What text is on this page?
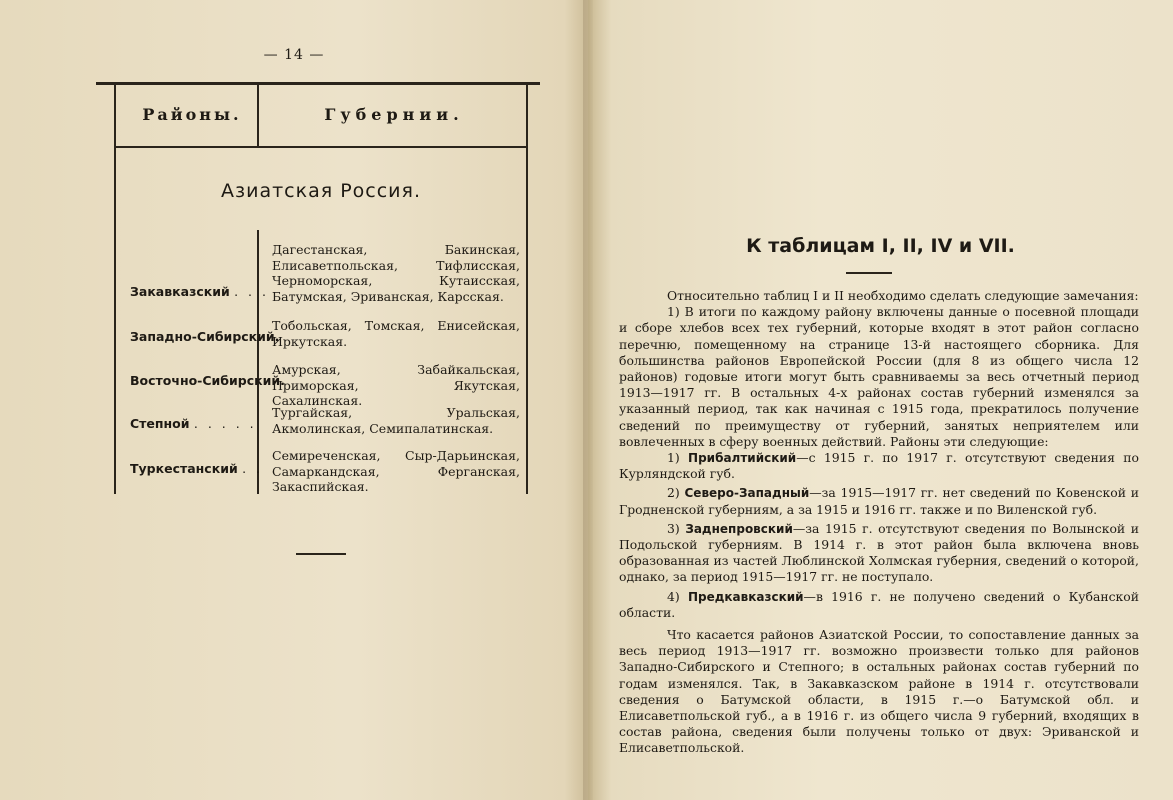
— 14 —
Районы.	Губернии.
Азиатская Россия.
Дагестанская, Бакинская, Елисаветпольская, Тифлисская, Черноморская, Кутаисская, Батумская, Эриванская, Карсская.
Закавказский . . .
Тобольская, Томская, Енисейская, Иркутская.
Западно-Сибирский.
Амурская, Забайкальская, Приморская, Якутская, Сахалинская.
Восточно-Сибирский.
Тургайская, Уральская, Акмолинская, Семипалатинская.
Степной . . . . .
Семиреченская, Сыр-Дарьинская, Самаркандская, Ферганская, Закаспийская.
Туркестанский . .
К таблицам I, II, IV и VII.

Относительно таблиц I и II необходимо сделать следующие замечания:

1) В итоги по каждому району включены данные о посевной площади и сборе хлебов всех тех губерний, которые входят в этот район согласно перечню, помещенному на странице 13-й настоящего сборника. Для большинства районов Европейской России (для 8 из общего числа 12 районов) годовые итоги могут быть сравниваемы за весь отчетный период 1913—1917 гг. В остальных 4-х районах состав губерний изменялся за указанный период, так как начиная с 1915 года, прекратилось получение сведений по преимуществу от губерний, занятых неприятелем или вовлеченных в сферу военных действий. Районы эти следующие:

1) Прибалтийский—с 1915 г. по 1917 г. отсутствуют сведения по Курляндской губ.

2) Северо-Западный—за 1915—1917 гг. нет сведений по Ковенской и Гродненской губерниям, а за 1915 и 1916 гг. также и по Виленской губ.

3) Заднепровский—за 1915 г. отсутствуют сведения по Волынской и Подольской губерниям. В 1914 г. в этот район была включена вновь образованная из частей Люблинской Холмская губерния, сведений о которой, однако, за период 1915—1917 гг. не поступало.

4) Предкавказский—в 1916 г. не получено сведений о Кубанской области.

Что касается районов Азиатской России, то сопоставление данных за весь период 1913—1917 гг. возможно произвести только для районов Западно-Сибирского и Степного; в остальных районах состав губерний по годам изменялся. Так, в Закавказском районе в 1914 г. отсутствовали сведения о Батумской области, в 1915 г.—о Батумской обл. и Елисаветпольской губ., а в 1916 г. из общего числа 9 губерний, входящих в состав района, сведения были получены только от двух: Эриванской и Елисаветпольской.
